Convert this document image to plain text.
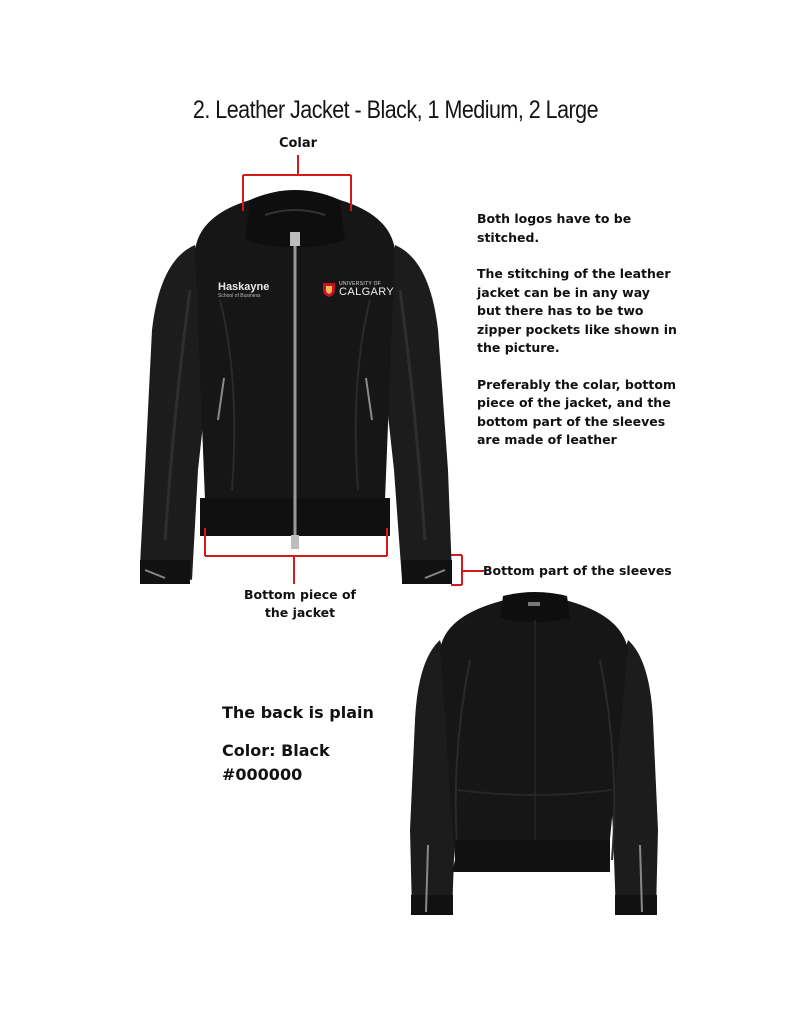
2. Leather Jacket - Black, 1 Medium, 2 Large
Colar
Haskayne
School of Business
UNIVERSITY OF
CALGARY
Bottom piece of
the jacket
Bottom part of the sleeves

Both logos have to be stitched.

The stitching of the leather jacket can be in any way but there has to be two zipper pockets like shown in the picture.

Preferably the colar, bottom piece of the jacket, and the bottom part of the sleeves are made of leather

The back is plain
Color: Black
#000000
